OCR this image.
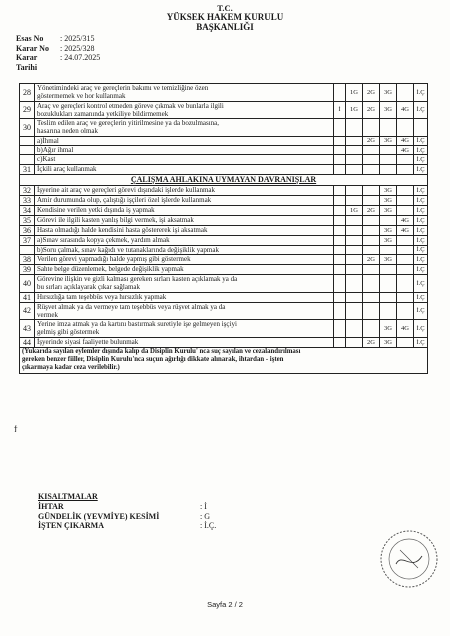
T.C.
YÜKSEK HAKEM KURULU
BAŞKANLIĞI
Esas No	: 2025/315
Karar No	: 2025/328
Karar Tarihi
: 24.07.2025
28	Yönetimindeki araç ve gereçlerin bakımı ve temizliğine özen
göstermemek ve hor kullanmak		1G	2G	3G		İ.Ç
29	Araç ve gereçleri kontrol etmeden göreve çıkmak ve bunlarla ilgili
bozuklukları zamanında yetkiliye bildirmemek	İ	1G	2G	3G	4G	İ.Ç
30	Teslim edilen araç ve gereçlerin yitirilmesine ya da bozulmasına,
hasarına neden olmak						

	a)İhmal			2G	3G	4G	İ.Ç

	b)Ağır ihmal					4G	İ.Ç

	c)Kast						İ.Ç
31	İçkili araç kullanmak						İ.Ç
ÇALIŞMA AHLAKINA UYMAYAN DAVRANIŞLAR							
32	İşyerine ait araç ve gereçleri görevi dışındaki işlerde kullanmak				3G		İ.Ç
33	Amir durumunda olup, çalıştığı işçileri özel işlerde kullanmak				3G		İ.Ç
34	Kendisine verilen yetki dışında iş yapmak		1G	2G	3G		İ.Ç
35	Görevi ile ilgili kasten yanlış bilgi vermek, işi aksatmak					4G	İ.Ç
36	Hasta olmadığı halde kendisini hasta göstererek işi aksatmak				3G	4G	İ.Ç
37	a)Sınav sırasında kopya çekmek, yardım almak				3G		İ.Ç

	b)Soru çalmak, sınav kağıdı ve tutanaklarında değişiklik yapmak						İ.Ç
38	Verilen görevi yapmadığı halde yapmış gibi göstermek			2G	3G		İ.Ç
39	Sahte belge düzenlemek, belgede değişiklik yapmak						İ.Ç
40	Görevine ilişkin ve gizli kalması gereken sırları kasten açıklamak ya da
bu sırları açıklayarak çıkar sağlamak						İ.Ç
41	Hırsızlığa tam teşebbüs veya hırsızlık yapmak						İ.Ç
42	Rüşvet almak ya da vermeye tam teşebbüs veya rüşvet almak ya da
vermek						İ.Ç
43	Yerine imza atmak ya da kartını bastırmak suretiyle işe gelmeyen işçiyi
gelmiş gibi göstermek				3G	4G	İ.Ç
44	İşyerinde siyasi faaliyette bulunmak			2G	3G		İ.Ç

(Yukarıda sayılan eylemler dışında kalıp da Disiplin Kurulu' nca suç sayılan ve cezalandırılması
gereken benzer fiiller, Disiplin Kurulu'nca suçun ağırlığı dikkate alınarak, ihtardan - işten
çıkarmaya kadar ceza verilebilir.)							
ϯ
KISALTMALAR
İHTAR	: İ
GÜNDELİK (YEVMİYE) KESİMİ	: G
İŞTEN ÇIKARMA	: İ.Ç.
Sayfa 2 / 2
